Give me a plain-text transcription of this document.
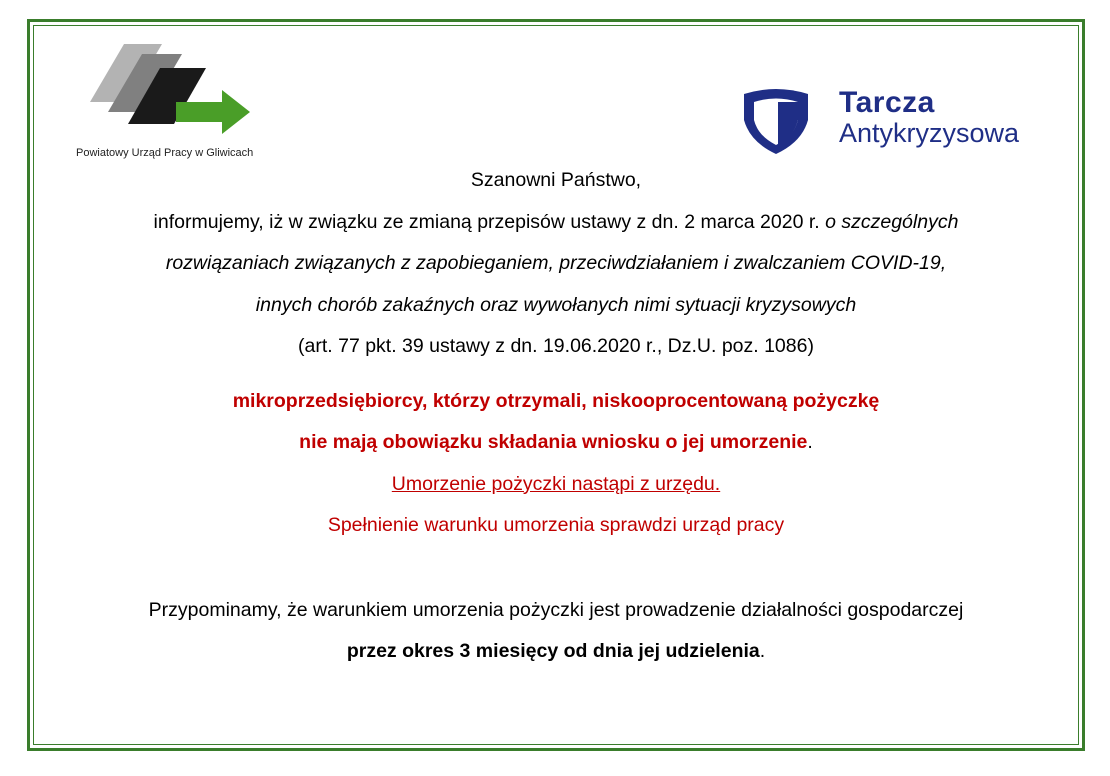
Powiatowy Urząd Pracy w Gliwicach
Tarcza
Antykryzysowa

Szanowni Państwo,

informujemy, iż w związku ze zmianą przepisów ustawy z dn. 2 marca 2020 r. o szczególnych

rozwiązaniach związanych z zapobieganiem, przeciwdziałaniem i zwalczaniem COVID-19,

innych chorób zakaźnych oraz wywołanych nimi sytuacji kryzysowych

(art. 77 pkt. 39 ustawy z dn. 19.06.2020 r., Dz.U. poz. 1086)

mikroprzedsiębiorcy, którzy otrzymali, niskooprocentowaną pożyczkę

nie mają obowiązku składania wniosku o jej umorzenie.

Umorzenie pożyczki nastąpi z urzędu.

Spełnienie warunku umorzenia sprawdzi urząd pracy

Przypominamy, że warunkiem umorzenia pożyczki jest prowadzenie działalności gospodarczej

przez okres 3 miesięcy od dnia jej udzielenia.
